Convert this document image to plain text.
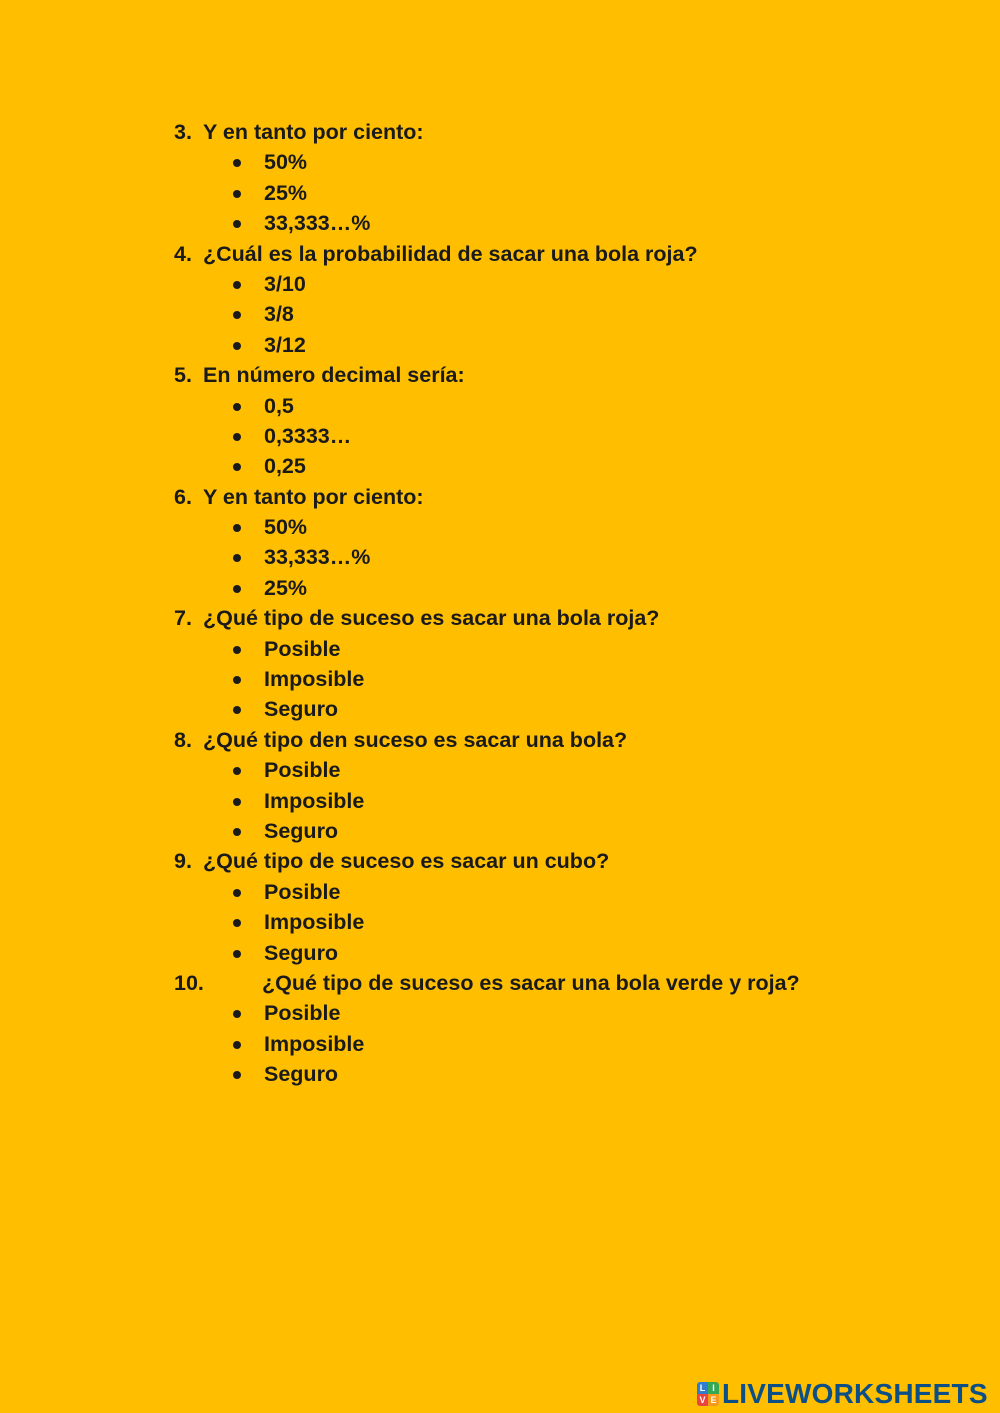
3. Y en tanto por ciento:
50%
25%
33,333…%
4. ¿Cuál es la probabilidad de sacar una bola roja?
3/10
3/8
3/12
5. En número decimal sería:
0,5
0,3333…
0,25
6. Y en tanto por ciento:
50%
33,333…%
25%
7. ¿Qué tipo de suceso es sacar una bola roja?
Posible
Imposible
Seguro
8. ¿Qué tipo den suceso es sacar una bola?
Posible
Imposible
Seguro
9. ¿Qué tipo de suceso es sacar un cubo?
Posible
Imposible
Seguro
10.	¿Qué tipo de suceso es sacar una bola verde y roja?
Posible
Imposible
Seguro
L I
V E LIVEWORKSHEETS
